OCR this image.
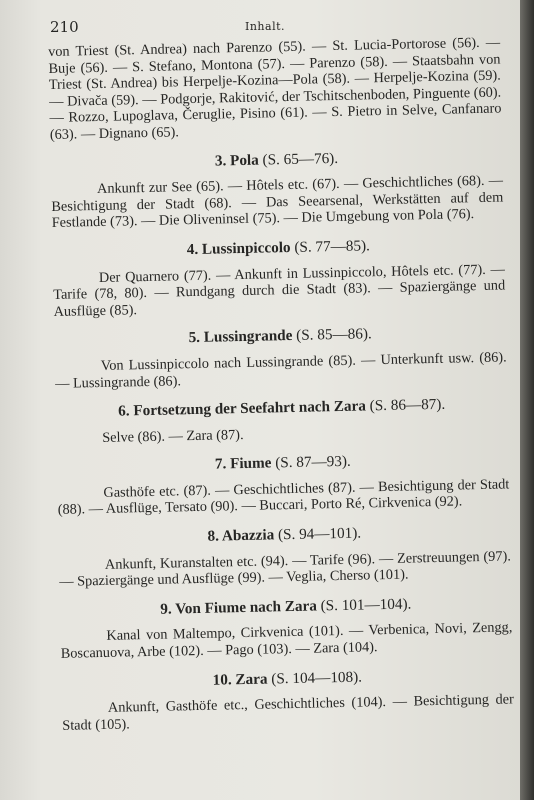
210	Inhalt.

von Triest (St. Andrea) nach Parenzo (55). — St. Lucia-Portorose (56). — Buje (56). — S. Stefano, Montona (57). — Parenzo (58). — Staatsbahn von Triest (St. Andrea) bis Herpelje-Kozina—Pola (58). — Herpelje-Kozina (59). — Divača (59). — Podgorje, Rakitović, der Tschitschenboden, Pinguente (60). — Rozzo, Lupoglava, Čeruglie, Pisino (61). — S. Pietro in Selve, Canfanaro (63). — Dignano (65).

3. Pola (S. 65—76).

Ankunft zur See (65). — Hôtels etc. (67). — Geschichtliches (68). — Besichtigung der Stadt (68). — Das Seearsenal, Werkstätten auf dem Festlande (73). — Die Oliveninsel (75). — Die Umgebung von Pola (76).

4. Lussinpiccolo (S. 77—85).

Der Quarnero (77). — Ankunft in Lussinpiccolo, Hôtels etc. (77). — Tarife (78, 80). — Rundgang durch die Stadt (83). — Spaziergänge und Ausflüge (85).

5. Lussingrande (S. 85—86).

Von Lussinpiccolo nach Lussingrande (85). — Unterkunft usw. (86). — Lussingrande (86).

6. Fortsetzung der Seefahrt nach Zara (S. 86—87).

Selve (86). — Zara (87).

7. Fiume (S. 87—93).

Gasthöfe etc. (87). — Geschichtliches (87). — Besichtigung der Stadt (88). — Ausflüge, Tersato (90). — Buccari, Porto Ré, Cirkvenica (92).

8. Abazzia (S. 94—101).

Ankunft, Kuranstalten etc. (94). — Tarife (96). — Zerstreuungen (97). — Spaziergänge und Ausflüge (99). — Veglia, Cherso (101).

9. Von Fiume nach Zara (S. 101—104).

Kanal von Maltempo, Cirkvenica (101). — Verbenica, Novi, Zengg, Boscanuova, Arbe (102). — Pago (103). — Zara (104).

10. Zara (S. 104—108).

Ankunft, Gasthöfe etc., Geschichtliches (104). — Besichtigung der Stadt (105).
